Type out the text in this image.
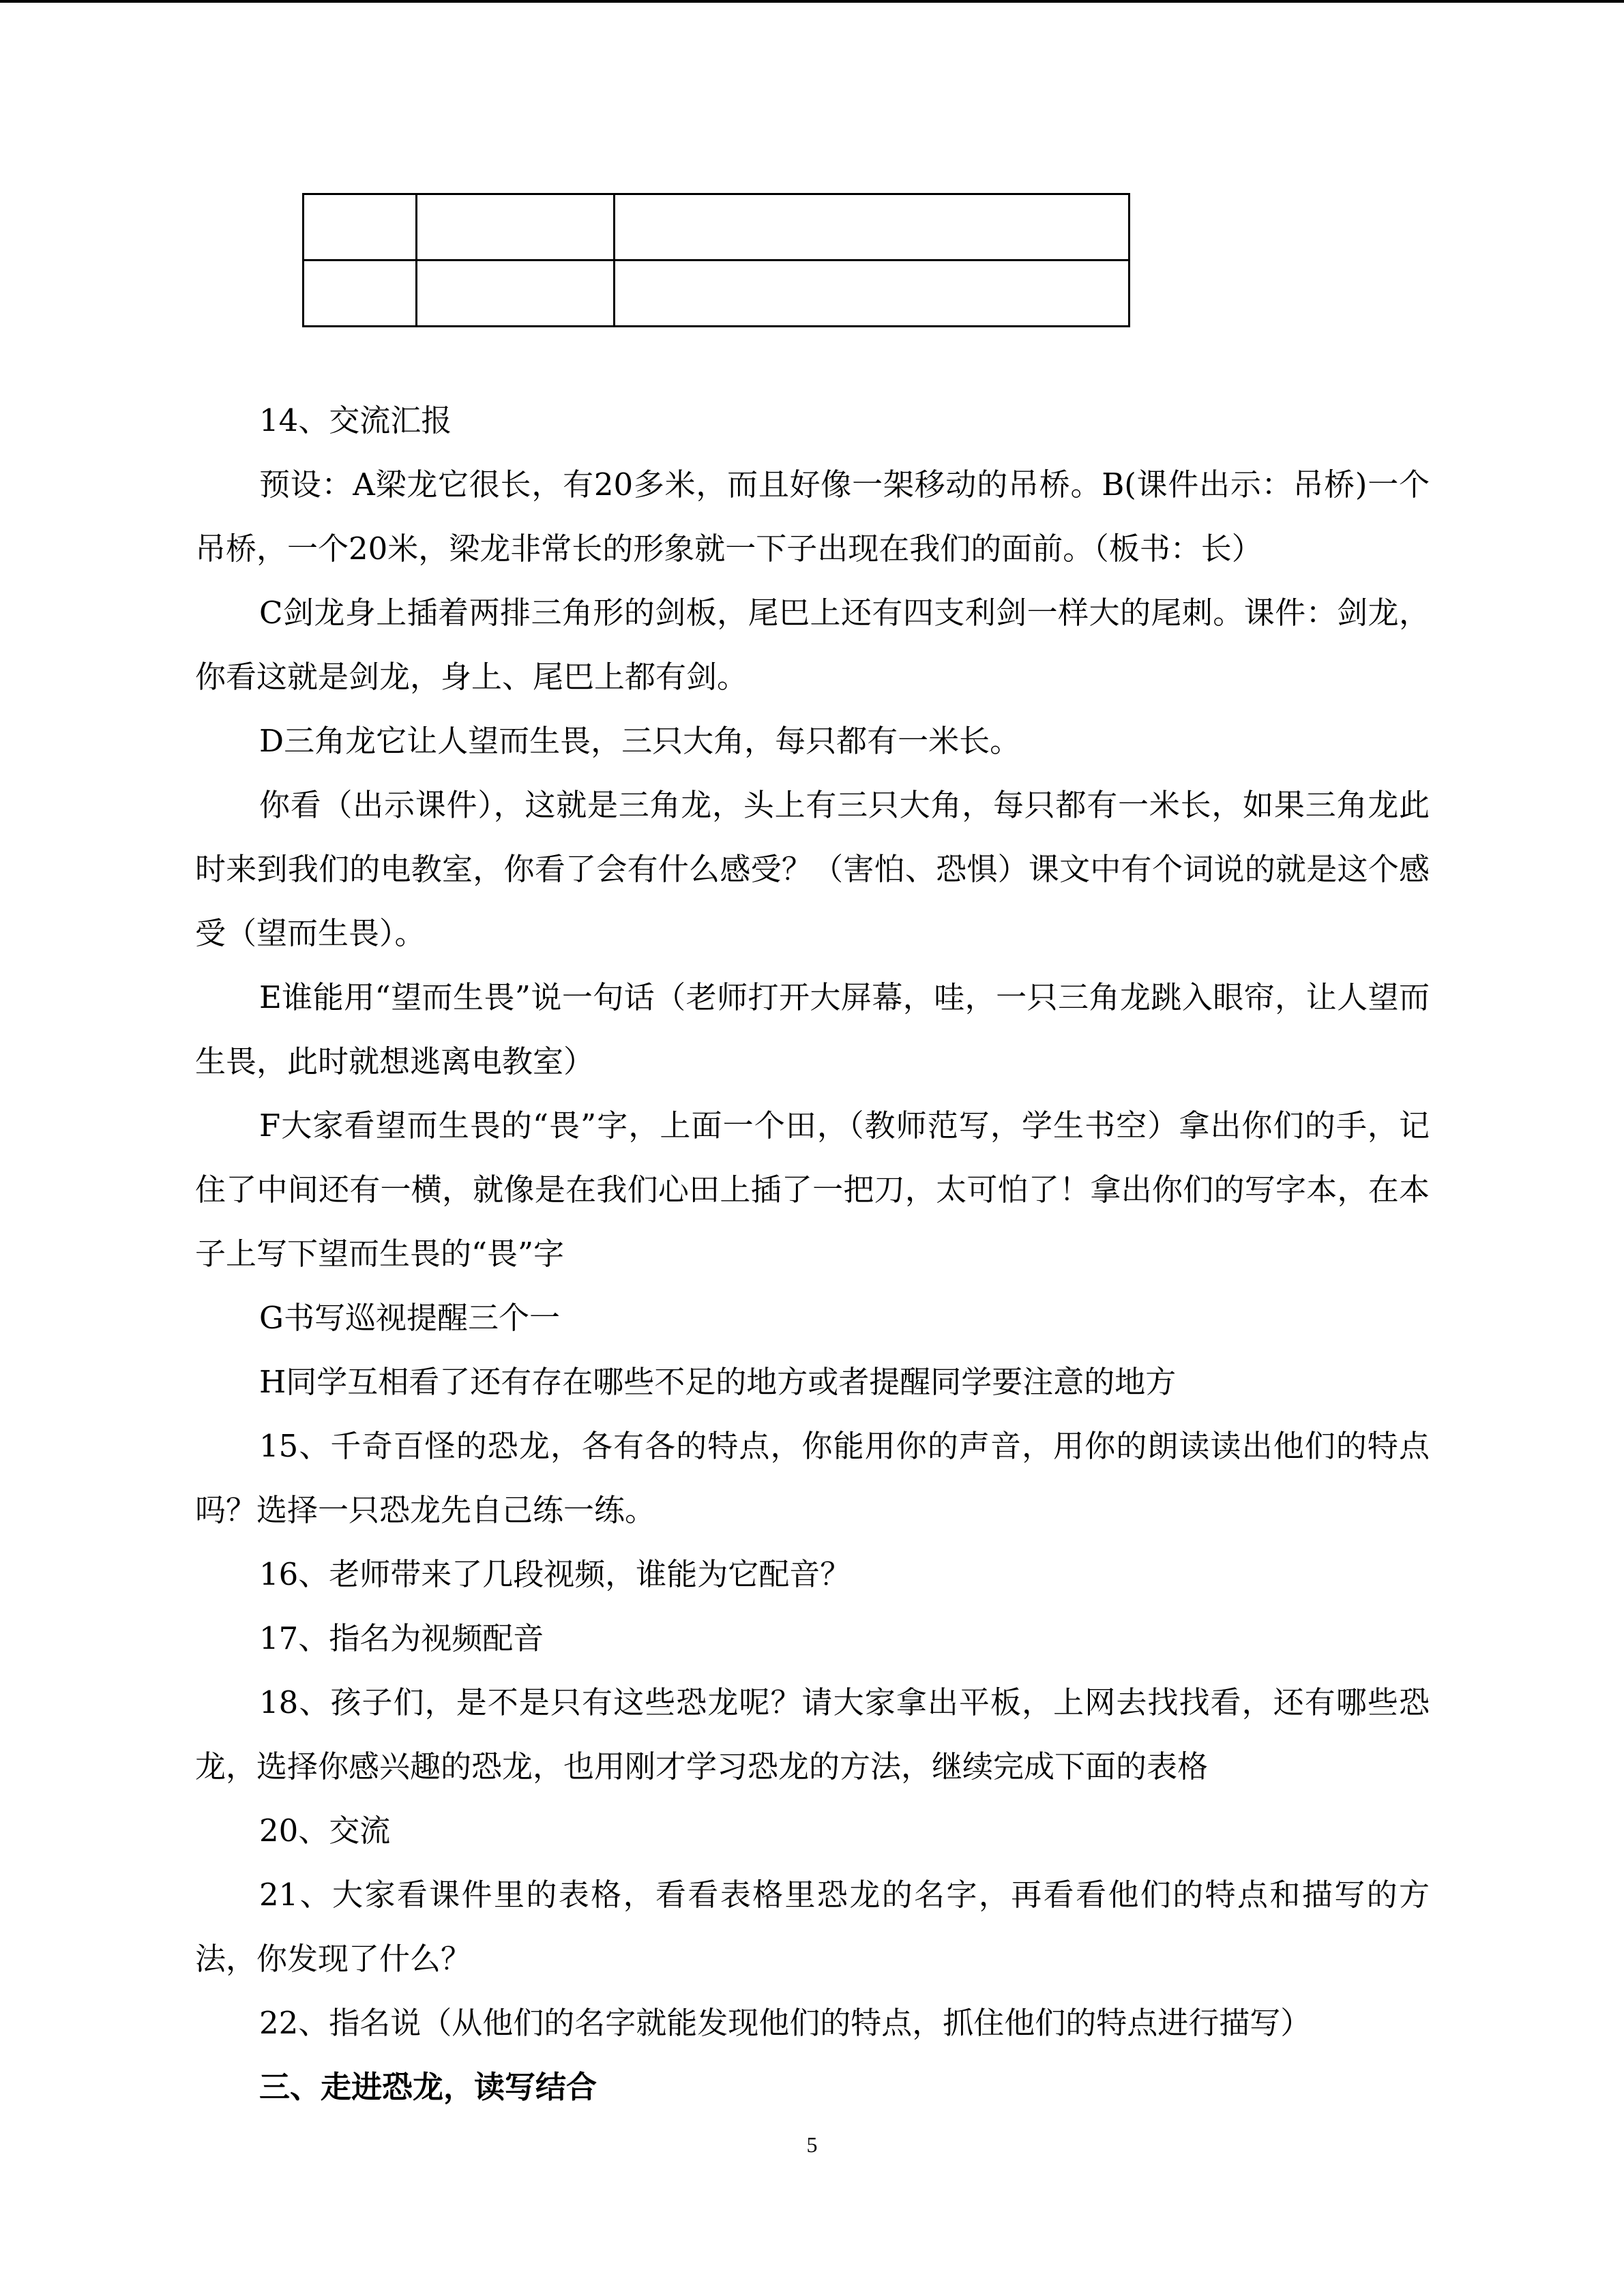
14、交流汇报

预设：A梁龙它很长，有20多米，而且好像一架移动的吊桥。B(课件出示：吊桥)一个吊桥，一个20米，梁龙非常长的形象就一下子出现在我们的面前。（板书：长）

C剑龙身上插着两排三角形的剑板，尾巴上还有四支利剑一样大的尾刺。课件：剑龙，你看这就是剑龙，身上、尾巴上都有剑。

D三角龙它让人望而生畏，三只大角，每只都有一米长。

你看（出示课件），这就是三角龙，头上有三只大角，每只都有一米长，如果三角龙此时来到我们的电教室，你看了会有什么感受？（害怕、恐惧）课文中有个词说的就是这个感受（望而生畏）。

E谁能用“望而生畏”说一句话（老师打开大屏幕，哇，一只三角龙跳入眼帘，让人望而生畏，此时就想逃离电教室）

F大家看望而生畏的“畏”字，上面一个田，（教师范写，学生书空）拿出你们的手，记住了中间还有一横，就像是在我们心田上插了一把刀，太可怕了！拿出你们的写字本，在本子上写下望而生畏的“畏”字

G书写巡视提醒三个一

H同学互相看了还有存在哪些不足的地方或者提醒同学要注意的地方

15、千奇百怪的恐龙，各有各的特点，你能用你的声音，用你的朗读读出他们的特点吗？选择一只恐龙先自己练一练。

16、老师带来了几段视频，谁能为它配音？

17、指名为视频配音

18、孩子们，是不是只有这些恐龙呢？请大家拿出平板，上网去找找看，还有哪些恐龙，选择你感兴趣的恐龙，也用刚才学习恐龙的方法，继续完成下面的表格

20、交流

21、大家看课件里的表格，看看表格里恐龙的名字，再看看他们的特点和描写的方法，你发现了什么？

22、指名说（从他们的名字就能发现他们的特点，抓住他们的特点进行描写）

三、走进恐龙，读写结合

5
